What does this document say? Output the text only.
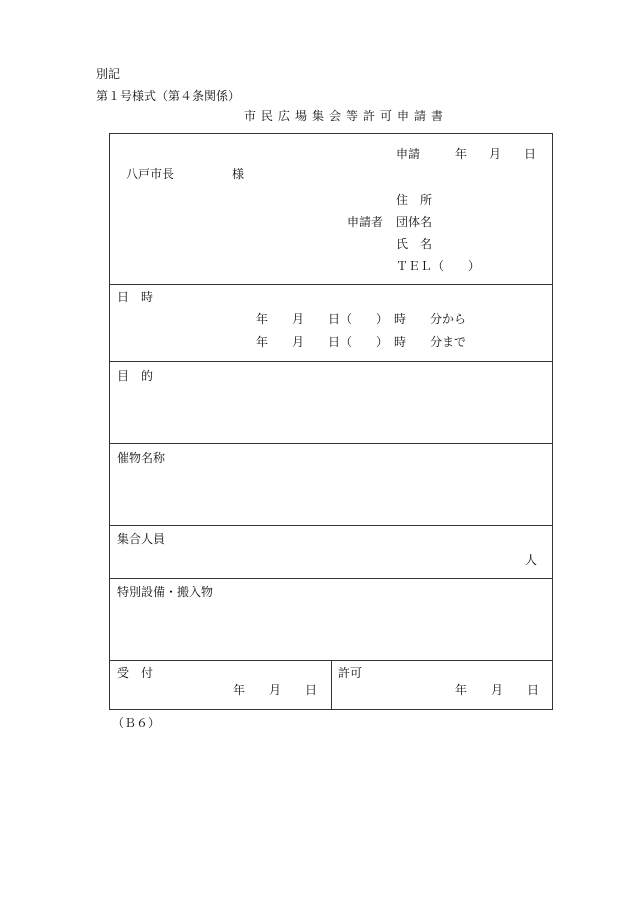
別記
第１号様式（第４条関係）
市民広場集会等許可申請書
申請	年 月 日
八戸市長	様
住　所
申請者 団体名
氏　名
ＴＥＬ（　　）
日　時
年　　月　　日（　　）　時　　分から
年　　月　　日（　　）　時　　分まで
目　的
催物名称
集合人員
人
特別設備・搬入物
受　付
年　　月　　日
許可
年　　月　　日
（Ｂ６）
